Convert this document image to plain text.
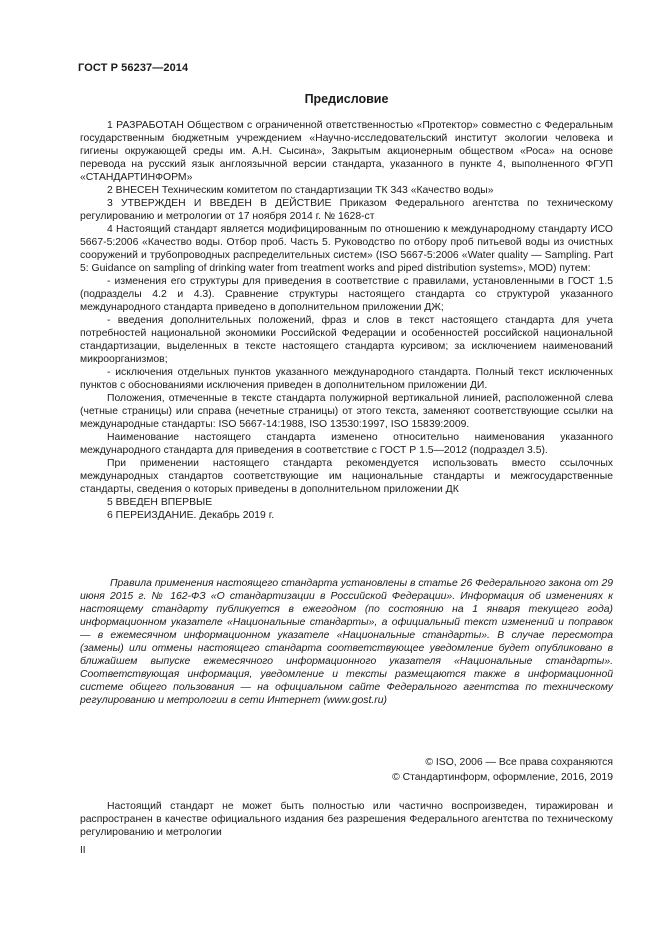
ГОСТ Р 56237—2014
Предисловие

1 РАЗРАБОТАН Обществом с ограниченной ответственностью «Протектор» совместно с Федеральным государственным бюджетным учреждением «Научно-исследовательский институт экологии человека и гигиены окружающей среды им. А.Н. Сысина», Закрытым акционерным обществом «Роса» на основе перевода на русский язык англоязычной версии стандарта, указанного в пункте 4, выполненного ФГУП «СТАНДАРТИНФОРМ»

2 ВНЕСЕН Техническим комитетом по стандартизации ТК 343 «Качество воды»

3 УТВЕРЖДЕН И ВВЕДЕН В ДЕЙСТВИЕ Приказом Федерального агентства по техническому регулированию и метрологии от 17 ноября 2014 г. № 1628-ст

4 Настоящий стандарт является модифицированным по отношению к международному стандарту ИСО 5667-5:2006 «Качество воды. Отбор проб. Часть 5. Руководство по отбору проб питьевой воды из очистных сооружений и трубопроводных распределительных систем» (ISO 5667-5:2006 «Water quality — Sampling. Part 5: Guidance on sampling of drinking water from treatment works and piped distribution systems», MOD) путем:

- изменения его структуры для приведения в соответствие с правилами, установленными в ГОСТ 1.5 (подразделы 4.2 и 4.3). Сравнение структуры настоящего стандарта со структурой указанного международного стандарта приведено в дополнительном приложении ДЖ;

- введения дополнительных положений, фраз и слов в текст настоящего стандарта для учета потребностей национальной экономики Российской Федерации и особенностей российской национальной стандартизации, выделенных в тексте настоящего стандарта курсивом; за исключением наименований микроорганизмов;

- исключения отдельных пунктов указанного международного стандарта. Полный текст исключенных пунктов с обоснованиями исключения приведен в дополнительном приложении ДИ.

Положения, отмеченные в тексте стандарта полужирной вертикальной линией, расположенной слева (четные страницы) или справа (нечетные страницы) от этого текста, заменяют соответствующие ссылки на международные стандарты: ISO 5667-14:1988, ISO 13530:1997, ISO 15839:2009.

Наименование настоящего стандарта изменено относительно наименования указанного международного стандарта для приведения в соответствие с ГОСТ Р 1.5—2012 (подраздел 3.5).

При применении настоящего стандарта рекомендуется использовать вместо ссылочных международных стандартов соответствующие им национальные стандарты и межгосударственные стандарты, сведения о которых приведены в дополнительном приложении ДК

5 ВВЕДЕН ВПЕРВЫЕ

6 ПЕРЕИЗДАНИЕ. Декабрь 2019 г.

Правила применения настоящего стандарта установлены в статье 26 Федерального закона от 29 июня 2015 г. № 162-ФЗ «О стандартизации в Российской Федерации». Информация об изменениях к настоящему стандарту публикуется в ежегодном (по состоянию на 1 января текущего года) информационном указателе «Национальные стандарты», а официальный текст изменений и поправок — в ежемесячном информационном указателе «Национальные стандарты». В случае пересмотра (замены) или отмены настоящего стандарта соответствующее уведомление будет опубликовано в ближайшем выпуске ежемесячного информационного указателя «Национальные стандарты». Соответствующая информация, уведомление и тексты размещаются также в информационной системе общего пользования — на официальном сайте Федерального агентства по техническому регулированию и метрологии в сети Интернет (www.gost.ru)

© ISO, 2006 — Все права сохраняются
© Стандартинформ, оформление, 2016, 2019

Настоящий стандарт не может быть полностью или частично воспроизведен, тиражирован и распространен в качестве официального издания без разрешения Федерального агентства по техническому регулированию и метрологии

II
